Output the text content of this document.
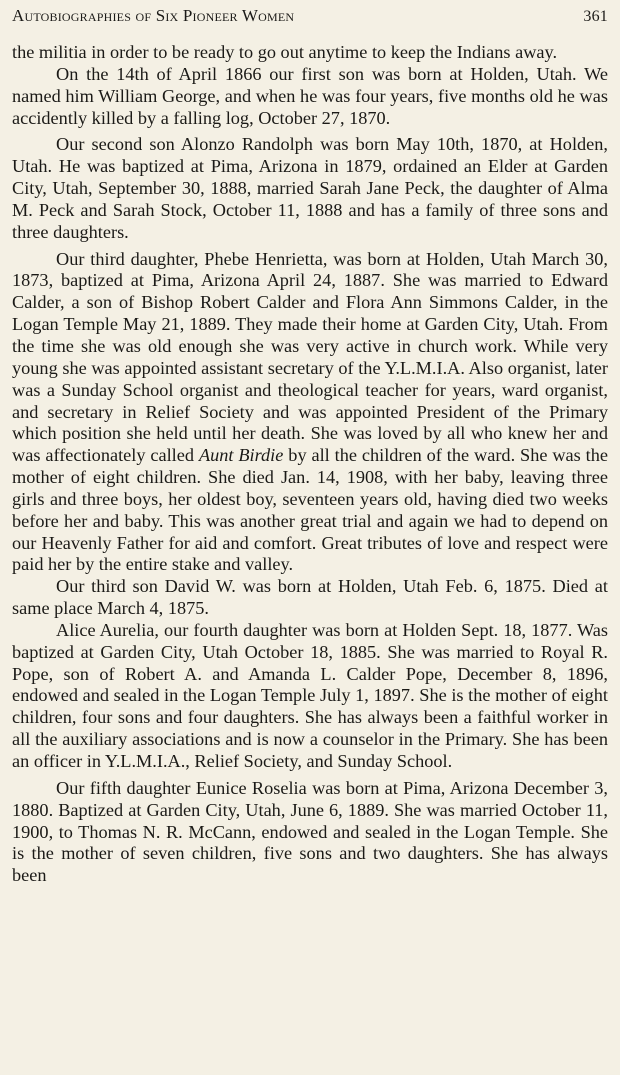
Autobiographies of Six Pioneer Women	361

the militia in order to be ready to go out anytime to keep the Indians away.

On the 14th of April 1866 our first son was born at Holden, Utah. We named him William George, and when he was four years, five months old he was accidently killed by a falling log, October 27, 1870.

Our second son Alonzo Randolph was born May 10th, 1870, at Holden, Utah. He was baptized at Pima, Arizona in 1879, ordained an Elder at Garden City, Utah, September 30, 1888, married Sarah Jane Peck, the daughter of Alma M. Peck and Sarah Stock, October 11, 1888 and has a family of three sons and three daughters.

Our third daughter, Phebe Henrietta, was born at Holden, Utah March 30, 1873, baptized at Pima, Arizona April 24, 1887. She was married to Edward Calder, a son of Bishop Robert Calder and Flora Ann Simmons Calder, in the Logan Temple May 21, 1889. They made their home at Garden City, Utah. From the time she was old enough she was very active in church work. While very young she was appointed assistant secretary of the Y.L.M.I.A. Also organist, later was a Sunday School organist and theological teacher for years, ward organist, and secretary in Relief Society and was appointed President of the Primary which position she held until her death. She was loved by all who knew her and was affectionately called Aunt Birdie by all the children of the ward. She was the mother of eight children. She died Jan. 14, 1908, with her baby, leaving three girls and three boys, her oldest boy, seventeen years old, having died two weeks before her and baby. This was another great trial and again we had to depend on our Heavenly Father for aid and comfort. Great tributes of love and respect were paid her by the entire stake and valley.

Our third son David W. was born at Holden, Utah Feb. 6, 1875. Died at same place March 4, 1875.

Alice Aurelia, our fourth daughter was born at Holden Sept. 18, 1877. Was baptized at Garden City, Utah October 18, 1885. She was married to Royal R. Pope, son of Robert A. and Amanda L. Calder Pope, December 8, 1896, endowed and sealed in the Logan Temple July 1, 1897. She is the mother of eight children, four sons and four daughters. She has always been a faithful worker in all the auxiliary associations and is now a counselor in the Primary. She has been an officer in Y.L.M.I.A., Relief Society, and Sunday School.

Our fifth daughter Eunice Roselia was born at Pima, Arizona December 3, 1880. Baptized at Garden City, Utah, June 6, 1889. She was married October 11, 1900, to Thomas N. R. McCann, endowed and sealed in the Logan Temple. She is the mother of seven children, five sons and two daughters. She has always been
